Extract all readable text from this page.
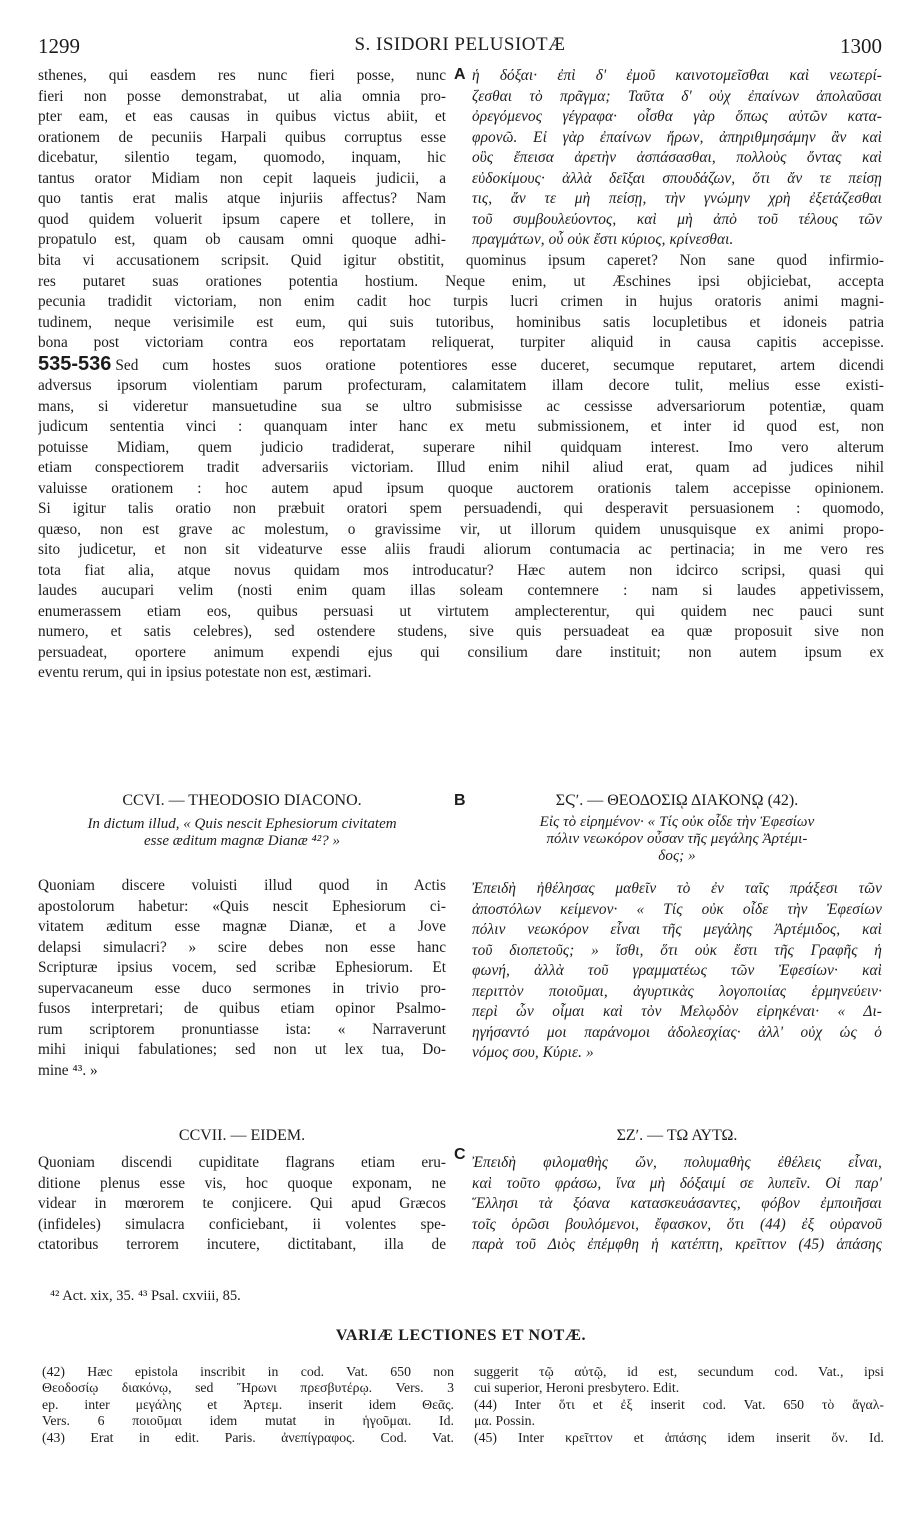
1299	S. ISIDORI PELUSIOTÆ	1300
sthenes, qui easdem res nunc fieri posse, nunc
fieri non posse demonstrabat, ut alia omnia pro-
pter eam, et eas causas in quibus victus abiit, et
orationem de pecuniis Harpali quibus corruptus esse
dicebatur, silentio tegam, quomodo, inquam, hic
tantus orator Midiam non cepit laqueis judicii, a
quo tantis erat malis atque injuriis affectus? Nam
quod quidem voluerit ipsum capere et tollere, in
propatulo est, quam ob causam omni quoque adhi-
A ἡ δόξαι· ἐπὶ δ' ἐμοῦ καινοτομεῖσθαι καὶ νεωτερί-
ζεσθαι τὸ πρᾶγμα; Ταῦτα δ' οὐχ ἐπαίνων ἀπολαῦσαι
ὀρεγόμενος γέγραφα· οἶσθα γὰρ ὅπως αὐτῶν κατα-
φρονῶ. Εἰ γὰρ ἐπαίνων ἤρων, ἀπηριθμησάμην ἂν καὶ
οὓς ἔπεισα ἀρετὴν ἀσπάσασθαι, πολλοὺς ὄντας καὶ
εὐδοκίμους· ἀλλὰ δεῖξαι σπουδάζων, ὅτι ἄν τε πείσῃ
τις, ἄν τε μὴ πείσῃ, τὴν γνώμην χρὴ ἐξετάζεσθαι
τοῦ συμβουλεύοντος, καὶ μὴ ἀπὸ τοῦ τέλους τῶν
πραγμάτων, οὗ οὐκ ἔστι κύριος, κρίνεσθαι.
bita vi accusationem scripsit. Quid igitur obstitit, quominus ipsum caperet? Non sane quod infirmio-
res putaret suas orationes potentia hostium. Neque enim, ut Æschines ipsi objiciebat, accepta
pecunia tradidit victoriam, non enim cadit hoc turpis lucri crimen in hujus oratoris animi magni-
tudinem, neque verisimile est eum, qui suis tutoribus, hominibus satis locupletibus et idoneis patria
bona post victoriam contra eos reportatam reliquerat, turpiter aliquid in causa capitis accepisse.
535-536 Sed cum hostes suos oratione potentiores esse duceret, secumque reputaret, artem dicendi
adversus ipsorum violentiam parum profecturam, calamitatem illam decore tulit, melius esse existi-
mans, si videretur mansuetudine sua se ultro submisisse ac cessisse adversariorum potentiæ, quam
judicum sententia vinci : quanquam inter hanc ex metu submissionem, et inter id quod est, non
potuisse Midiam, quem judicio tradiderat, superare nihil quidquam interest. Imo vero alterum
etiam conspectiorem tradit adversariis victoriam. Illud enim nihil aliud erat, quam ad judices nihil
valuisse orationem : hoc autem apud ipsum quoque auctorem orationis talem accepisse opinionem.
Si igitur talis oratio non præbuit oratori spem persuadendi, qui desperavit persuasionem : quomodo,
quæso, non est grave ac molestum, o gravissime vir, ut illorum quidem unusquisque ex animi propo-
sito judicetur, et non sit videaturve esse aliis fraudi aliorum contumacia ac pertinacia; in me vero res
tota fiat alia, atque novus quidam mos introducatur? Hæc autem non idcirco scripsi, quasi qui
laudes aucupari velim (nosti enim quam illas soleam contemnere : nam si laudes appetivissem,
enumerassem etiam eos, quibus persuasi ut virtutem amplecterentur, qui quidem nec pauci sunt
numero, et satis celebres), sed ostendere studens, sive quis persuadeat ea quæ proposuit sive non
persuadeat, oportere animum expendi ejus qui consilium dare instituit; non autem ipsum ex
eventu rerum, qui in ipsius potestate non est, æstimari.
CCVI. — THEODOSIO DIACONO.
In dictum illud, « Quis nescit Ephesiorum civitatem
esse æditum magnæ Dianæ ⁴²? »
Quoniam discere voluisti illud quod in Actis
apostolorum habetur: «Quis nescit Ephesiorum ci-
vitatem æditum esse magnæ Dianæ, et a Jove
delapsi simulacri? » scire debes non esse hanc
Scripturæ ipsius vocem, sed scribæ Ephesiorum. Et
supervacaneum esse duco sermones in trivio pro-
fusos interpretari; de quibus etiam opinor Psalmo-
rum scriptorem pronuntiasse ista: « Narraverunt
mihi iniqui fabulationes; sed non ut lex tua, Do-
mine ⁴³. »
B	ΣϚʹ. — ΘΕΟΔΟΣΙῼ ΔΙΑΚΟΝῼ (42).
Εἰς τὸ εἰρημένον· « Τίς οὐκ οἶδε τὴν Ἐφεσίων
πόλιν νεωκόρον οὖσαν τῆς μεγάλης Ἀρτέμι-
δος; »
Ἐπειδὴ ἠθέλησας μαθεῖν τὸ ἐν ταῖς πράξεσι τῶν
ἀποστόλων κείμενον· « Τίς οὐκ οἶδε τὴν Ἐφεσίων
πόλιν νεωκόρον εἶναι τῆς μεγάλης Ἀρτέμιδος, καὶ
τοῦ διοπετοῦς; » ἴσθι, ὅτι οὐκ ἔστι τῆς Γραφῆς ἡ
φωνή, ἀλλὰ τοῦ γραμματέως τῶν Ἐφεσίων· καὶ
περιττὸν ποιοῦμαι, ἀγυρτικὰς λογοποιίας ἑρμηνεύειν·
περὶ ὧν οἶμαι καὶ τὸν Μελῳδὸν εἰρηκέναι· « Δι-
ηγήσαντό μοι παράνομοι ἀδολεσχίας· ἀλλ' οὐχ ὡς ὁ
νόμος σου, Κύριε. »
CCVII. — EIDEM.
Quoniam discendi cupiditate flagrans etiam eru-
ditione plenus esse vis, hoc quoque exponam, ne
videar in mœrorem te conjicere. Qui apud Græcos
(infideles) simulacra conficiebant, ii volentes spe-
ctatoribus terrorem incutere, dictitabant, illa de
C
ΣΖʹ. — ΤΩ ΑΥΤΩ.
Ἐπειδὴ φιλομαθὴς ὤν, πολυμαθὴς ἐθέλεις εἶναι,
καὶ τοῦτο φράσω, ἵνα μὴ δόξαιμί σε λυπεῖν. Οἱ παρ'
Ἕλλησι τὰ ξόανα κατασκευάσαντες, φόβον ἐμποιῆσαι
τοῖς ὁρῶσι βουλόμενοι, ἔφασκον, ὅτι (44) ἐξ οὐρανοῦ
παρὰ τοῦ Διὸς ἐπέμφθη ἡ κατέπτη, κρεῖττον (45) ἁπάσης
⁴² Act. xix, 35. ⁴³ Psal. cxviii, 85.
VARIÆ LECTIONES ET NOTÆ.
(42) Hæc epistola inscribit in cod. Vat. 650 non
Θεοδοσίῳ διακόνῳ, sed Ἥρωνι πρεσβυτέρῳ. Vers. 3
ep. inter μεγάλης et Ἀρτεμ. inserit idem Θεᾶς.
Vers. 6 ποιοῦμαι idem mutat in ἡγοῦμαι. Id.
(43) Erat in edit. Paris. ἀνεπίγραφος. Cod. Vat.
suggerit τῷ αὐτῷ, id est, secundum cod. Vat., ipsi
cui superior, Heroni presbytero. Edit.
(44) Inter ὅτι et ἐξ inserit cod. Vat. 650 τὸ ἄγαλ-
μα. Possin.
(45) Inter κρεῖττον et ἁπάσης idem inserit ὄν. Id.
